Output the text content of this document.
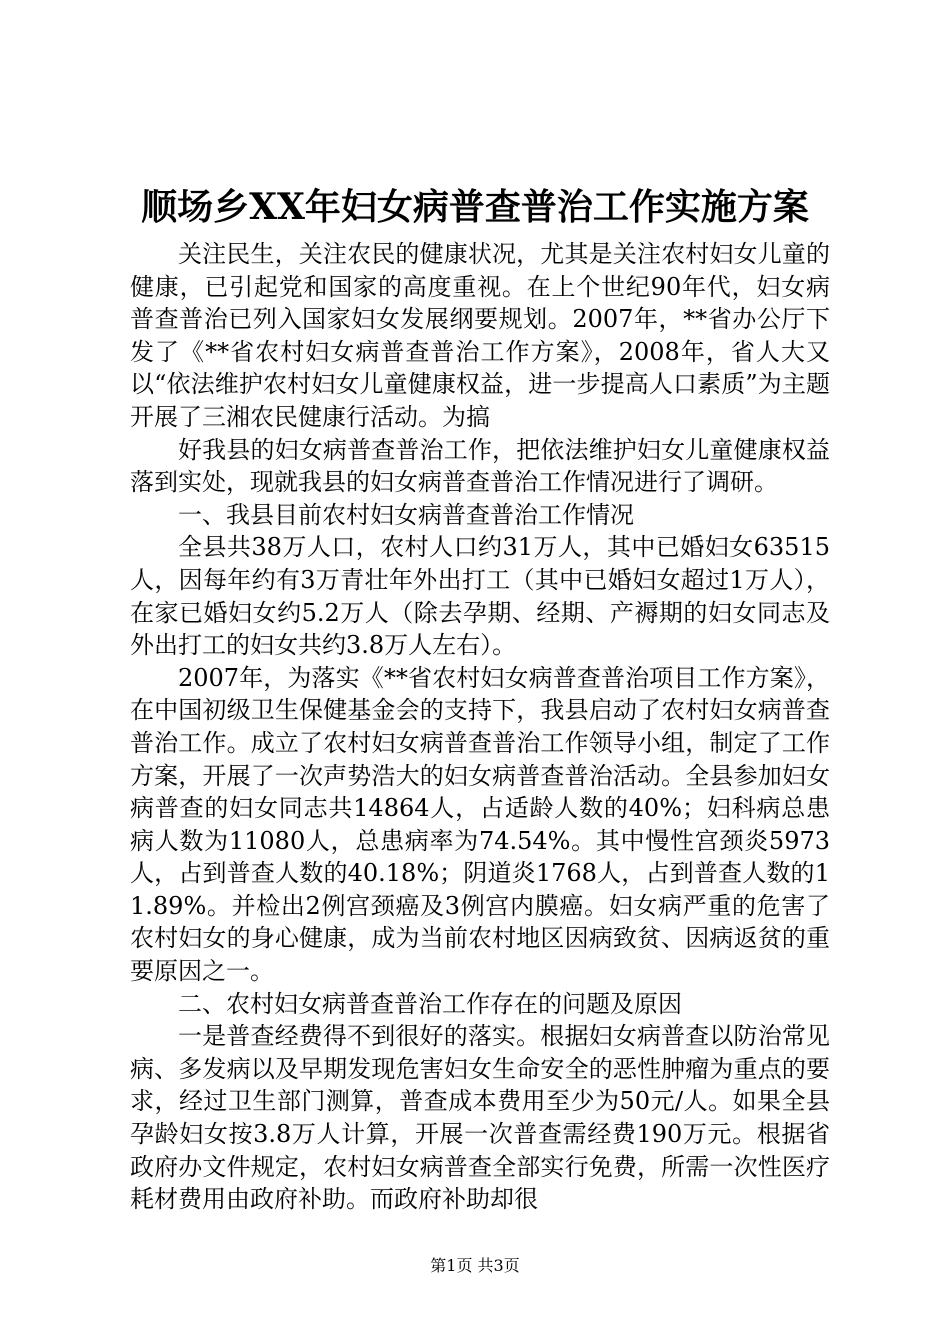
顺场乡XX年妇女病普查普治工作实施方案

关注民生，关注农民的健康状况，尤其是关注农村妇女儿童的健康，已引起党和国家的高度重视。在上个世纪90年代，妇女病普查普治已列入国家妇女发展纲要规划。2007年，**省办公厅下发了《**省农村妇女病普查普治工作方案》，2008年，省人大又以“依法维护农村妇女儿童健康权益，进一步提高人口素质”为主题开展了三湘农民健康行活动。为搞

好我县的妇女病普查普治工作，把依法维护妇女儿童健康权益落到实处，现就我县的妇女病普查普治工作情况进行了调研。

一、我县目前农村妇女病普查普治工作情况

全县共38万人口，农村人口约31万人，其中已婚妇女63515人，因每年约有3万青壮年外出打工（其中已婚妇女超过1万人），在家已婚妇女约5.2万人（除去孕期、经期、产褥期的妇女同志及外出打工的妇女共约3.8万人左右）。

2007年，为落实《**省农村妇女病普查普治项目工作方案》，在中国初级卫生保健基金会的支持下，我县启动了农村妇女病普查普治工作。成立了农村妇女病普查普治工作领导小组，制定了工作方案，开展了一次声势浩大的妇女病普查普治活动。全县参加妇女病普查的妇女同志共14864人，占适龄人数的40%；妇科病总患病人数为11080人，总患病率为74.54%。其中慢性宫颈炎5973人，占到普查人数的40.18%；阴道炎1768人，占到普查人数的11.89%。并检出2例宫颈癌及3例宫内膜癌。妇女病严重的危害了农村妇女的身心健康，成为当前农村地区因病致贫、因病返贫的重要原因之一。

二、农村妇女病普查普治工作存在的问题及原因

一是普查经费得不到很好的落实。根据妇女病普查以防治常见病、多发病以及早期发现危害妇女生命安全的恶性肿瘤为重点的要求，经过卫生部门测算，普查成本费用至少为50元/人。如果全县孕龄妇女按3.8万人计算，开展一次普查需经费190万元。根据省政府办文件规定，农村妇女病普查全部实行免费，所需一次性医疗耗材费用由政府补助。而政府补助却很

第1页 共3页
